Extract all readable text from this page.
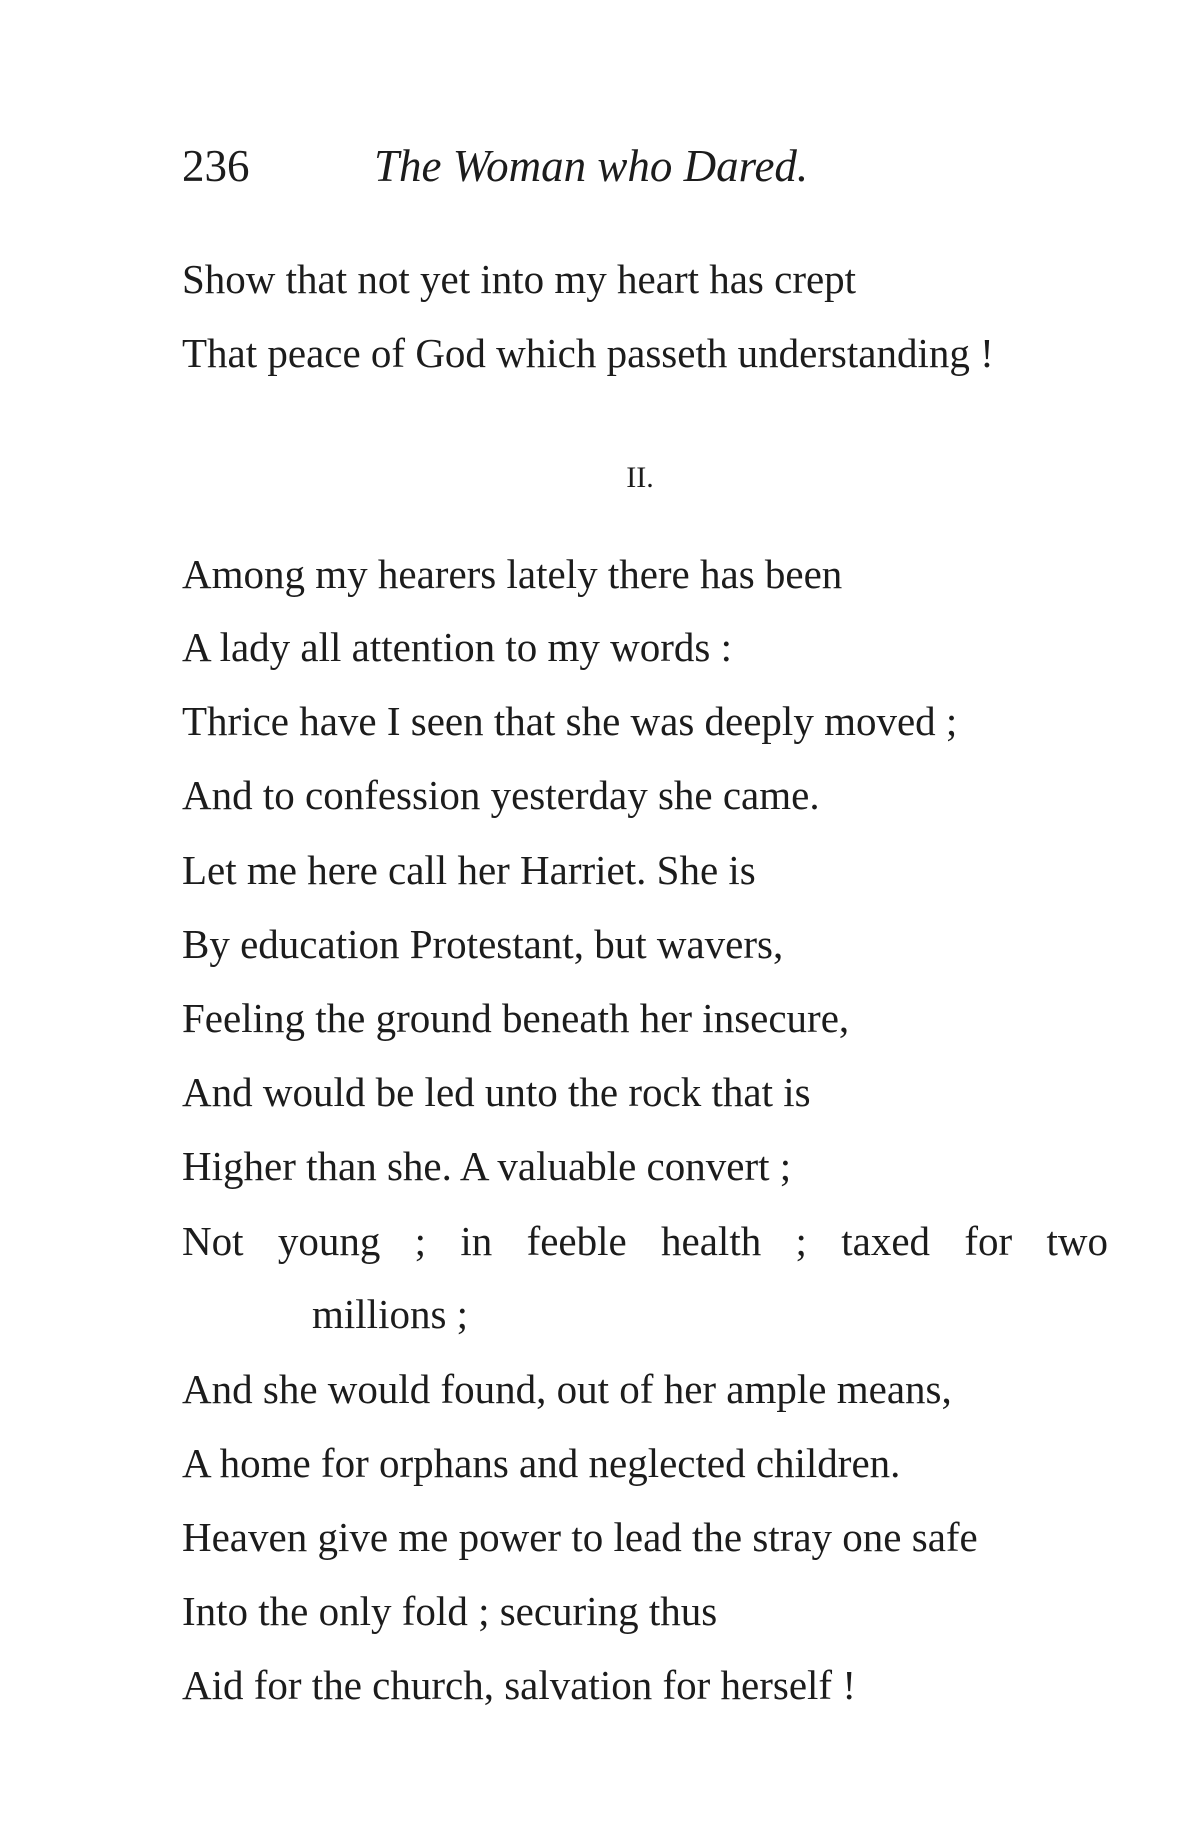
236	The Woman who Dared.
Show that not yet into my heart has crept
That peace of God which passeth understanding !
II.
Among my hearers lately there has been
A lady all attention to my words :
Thrice have I seen that she was deeply moved ;
And to confession yesterday she came.
Let me here call her Harriet. She is
By education Protestant, but wavers,
Feeling the ground beneath her insecure,
And would be led unto the rock that is
Higher than she. A valuable convert ;
Not young ; in feeble health ; taxed for two
millions ;
And she would found, out of her ample means,
A home for orphans and neglected children.
Heaven give me power to lead the stray one safe
Into the only fold ; securing thus
Aid for the church, salvation for herself !
